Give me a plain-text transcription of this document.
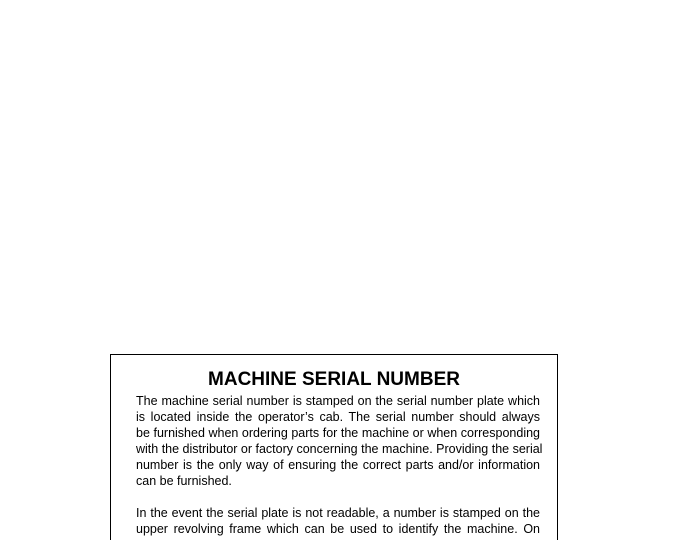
MACHINE SERIAL NUMBER

The machine serial number is stamped on the serial number plate which
is located inside the operator’s cab. The serial number should always
be furnished when ordering parts for the machine or when corresponding
with the distributor or factory concerning the machine. Providing the serial
number is the only way of ensuring the correct parts and/or information
can be furnished.

In the event the serial plate is not readable, a number is stamped on the
upper revolving frame which can be used to identify the machine. On
